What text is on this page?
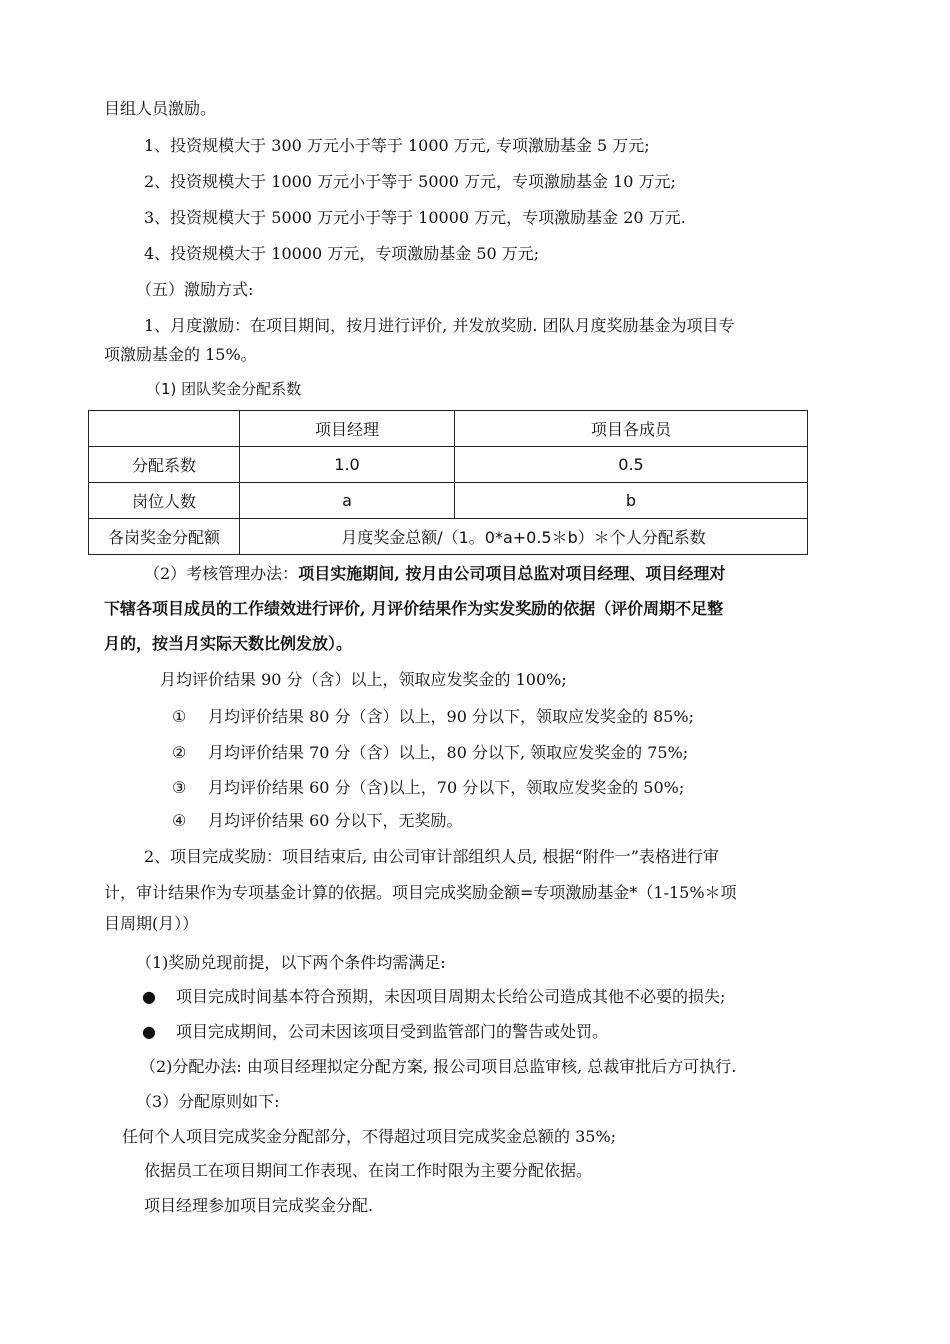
目组人员激励。
1、投资规模大于 300 万元小于等于 1000 万元, 专项激励基金 5 万元;
2、投资规模大于 1000 万元小于等于 5000 万元，专项激励基金 10 万元;
3、投资规模大于 5000 万元小于等于 10000 万元，专项激励基金 20 万元.
4、投资规模大于 10000 万元，专项激励基金 50 万元;
（五）激励方式:
1、月度激励：在项目期间，按月进行评价, 并发放奖励. 团队月度奖励基金为项目专
项激励基金的 15%。
（1) 团队奖金分配系数
	项目经理	项目各成员
分配系数	1.0	0.5
岗位人数	a	b
各岗奖金分配额	月度奖金总额/（1。0*a+0.5＊b）＊个人分配系数	
（2）考核管理办法：项目实施期间, 按月由公司项目总监对项目经理、项目经理对
下辖各项目成员的工作绩效进行评价, 月评价结果作为实发奖励的依据（评价周期不足整
月的，按当月实际天数比例发放）。
月均评价结果 90 分（含）以上，领取应发奖金的 100%;
① 月均评价结果 80 分（含）以上，90 分以下，领取应发奖金的 85%;
② 月均评价结果 70 分（含）以上，80 分以下, 领取应发奖金的 75%;
③ 月均评价结果 60 分（含)以上，70 分以下，领取应发奖金的 50%;
④ 月均评价结果 60 分以下，无奖励。
2、项目完成奖励：项目结束后, 由公司审计部组织人员, 根据“附件一”表格进行审
计，审计结果作为专项基金计算的依据。项目完成奖励金额=专项激励基金*（1-15%＊项
目周期(月））
（1)奖励兑现前提，以下两个条件均需满足:
● 项目完成时间基本符合预期，未因项目周期太长给公司造成其他不必要的损失;
● 项目完成期间，公司未因该项目受到监管部门的警告或处罚。
（2)分配办法: 由项目经理拟定分配方案, 报公司项目总监审核, 总裁审批后方可执行.
（3）分配原则如下:
任何个人项目完成奖金分配部分，不得超过项目完成奖金总额的 35%;
依据员工在项目期间工作表现、在岗工作时限为主要分配依据。
项目经理参加项目完成奖金分配.
